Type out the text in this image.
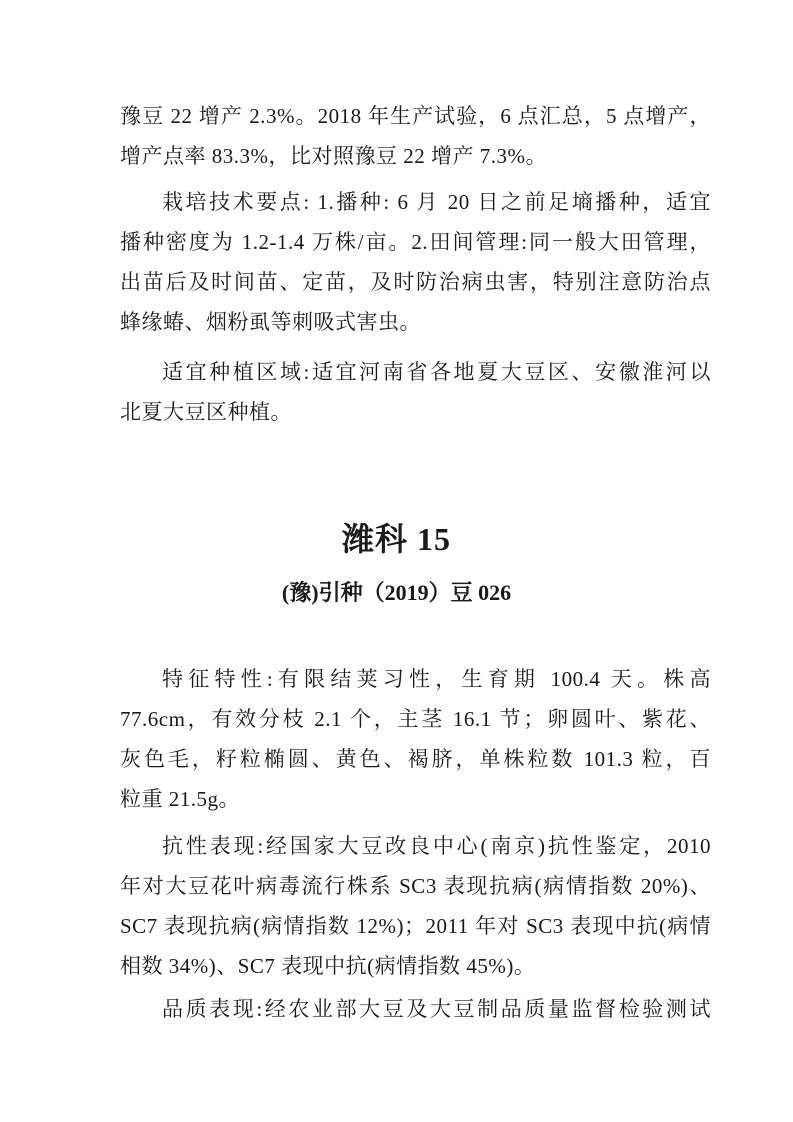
豫豆 22 增产 2.3%。2018 年生产试验，6 点汇总，5 点增产，
增产点率 83.3%，比对照豫豆 22 增产 7.3%。
栽培技术要点: 1.播种: 6 月 20 日之前足墒播种，适宜
播种密度为 1.2-1.4 万株/亩。2.田间管理:同一般大田管理，
出苗后及时间苗、定苗，及时防治病虫害，特别注意防治点
蜂缘蝽、烟粉虱等刺吸式害虫。
适宜种植区域:适宜河南省各地夏大豆区、安徽淮河以
北夏大豆区种植。
潍科 15
(豫)引种（2019）豆 026
特征特性:有限结荚习性，生育期 100.4 天。株高
77.6cm，有效分枝 2.1 个，主茎 16.1 节；卵圆叶、紫花、
灰色毛，籽粒椭圆、黄色、褐脐，单株粒数 101.3 粒，百
粒重 21.5g。
抗性表现:经国家大豆改良中心(南京)抗性鉴定，2010
年对大豆花叶病毒流行株系 SC3 表现抗病(病情指数 20%)、
SC7 表现抗病(病情指数 12%)；2011 年对 SC3 表现中抗(病情
相数 34%)、SC7 表现中抗(病情指数 45%)。
品质表现:经农业部大豆及大豆制品质量监督检验测试
